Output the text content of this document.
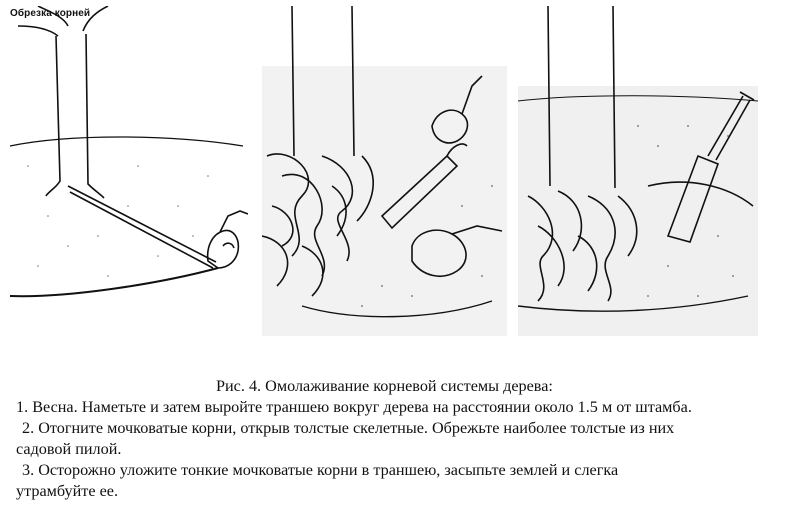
Обрезка корней

Рис. 4. Омолаживание корневой системы дерева:

1. Весна. Наметьте и затем выройте траншею вокруг дерева на расстоянии около 1.5 м от штамба.

2. Отогните мочковатые корни, открыв толстые скелетные. Обрежьте наиболее толстые из них

садовой пилой.

3. Осторожно уложите тонкие мочковатые корни в траншею, засыпьте землей и слегка

утрамбуйте ее.
